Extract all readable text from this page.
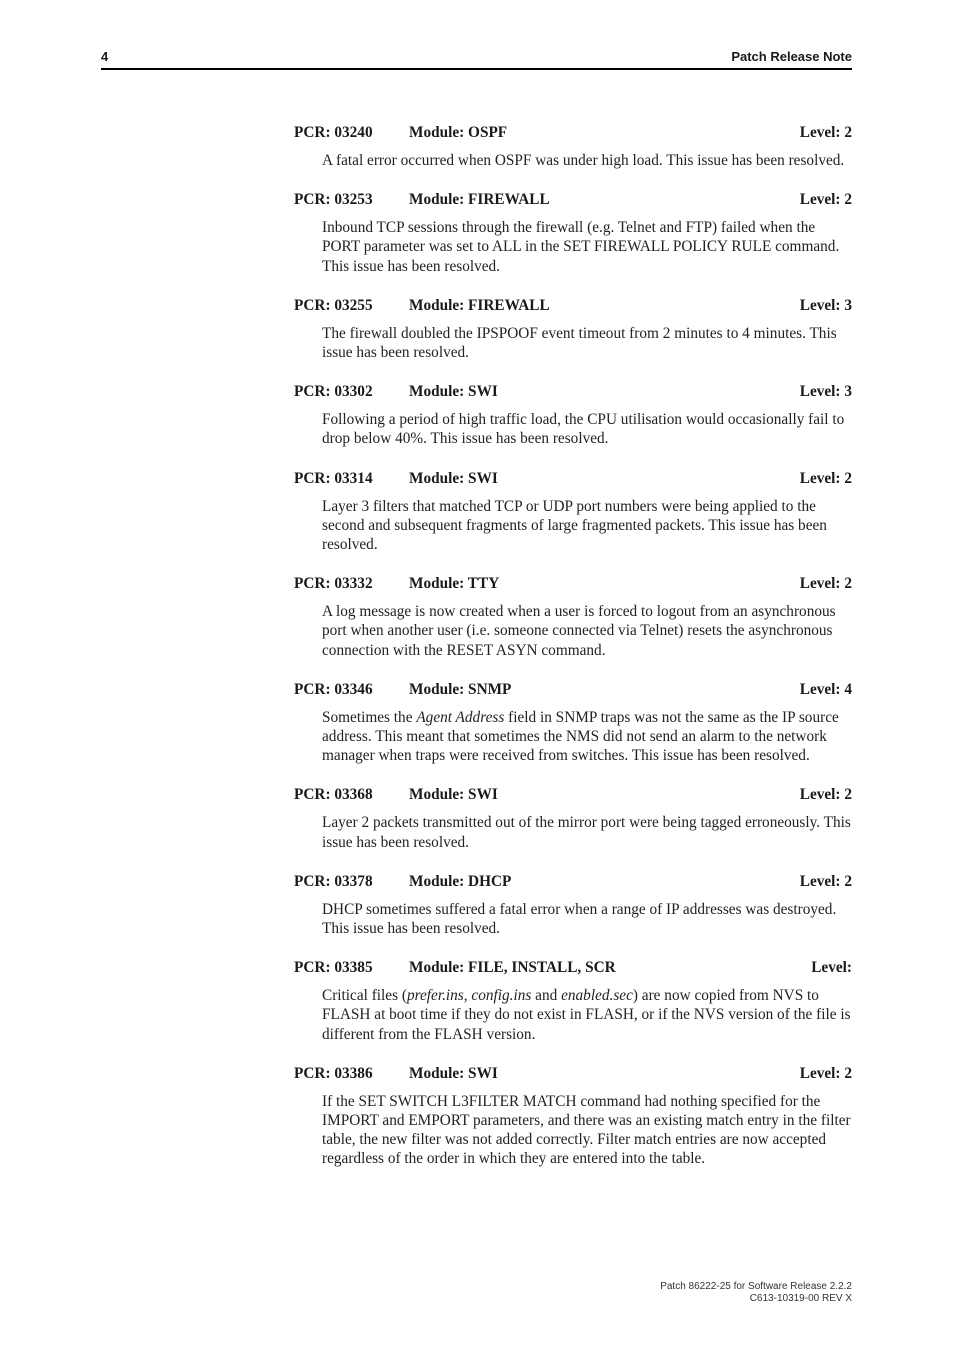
4	Patch Release Note
PCR: 03240 Module: OSPF	Level: 2
A fatal error occurred when OSPF was under high load. This issue has been resolved.
PCR: 03253 Module: FIREWALL	Level: 2
Inbound TCP sessions through the firewall (e.g. Telnet and FTP) failed when the PORT parameter was set to ALL in the SET FIREWALL POLICY RULE command. This issue has been resolved.
PCR: 03255 Module: FIREWALL	Level: 3
The firewall doubled the IPSPOOF event timeout from 2 minutes to 4 minutes. This issue has been resolved.
PCR: 03302 Module: SWI	Level: 3
Following a period of high traffic load, the CPU utilisation would occasionally fail to drop below 40%. This issue has been resolved.
PCR: 03314 Module: SWI	Level: 2
Layer 3 filters that matched TCP or UDP port numbers were being applied to the second and subsequent fragments of large fragmented packets. This issue has been resolved.
PCR: 03332 Module: TTY	Level: 2
A log message is now created when a user is forced to logout from an asynchronous port when another user (i.e. someone connected via Telnet) resets the asynchronous connection with the RESET ASYN command.
PCR: 03346 Module: SNMP	Level: 4
Sometimes the Agent Address field in SNMP traps was not the same as the IP source address. This meant that sometimes the NMS did not send an alarm to the network manager when traps were received from switches. This issue has been resolved.
PCR: 03368 Module: SWI	Level: 2
Layer 2 packets transmitted out of the mirror port were being tagged erroneously. This issue has been resolved.
PCR: 03378 Module: DHCP	Level: 2
DHCP sometimes suffered a fatal error when a range of IP addresses was destroyed. This issue has been resolved.
PCR: 03385 Module: FILE, INSTALL, SCR	Level:
Critical files (prefer.ins, config.ins and enabled.sec) are now copied from NVS to FLASH at boot time if they do not exist in FLASH, or if the NVS version of the file is different from the FLASH version.
PCR: 03386 Module: SWI	Level: 2
If the SET SWITCH L3FILTER MATCH command had nothing specified for the IMPORT and EMPORT parameters, and there was an existing match entry in the filter table, the new filter was not added correctly. Filter match entries are now accepted regardless of the order in which they are entered into the table.
Patch 86222-25 for Software Release 2.2.2
C613-10319-00 REV X
